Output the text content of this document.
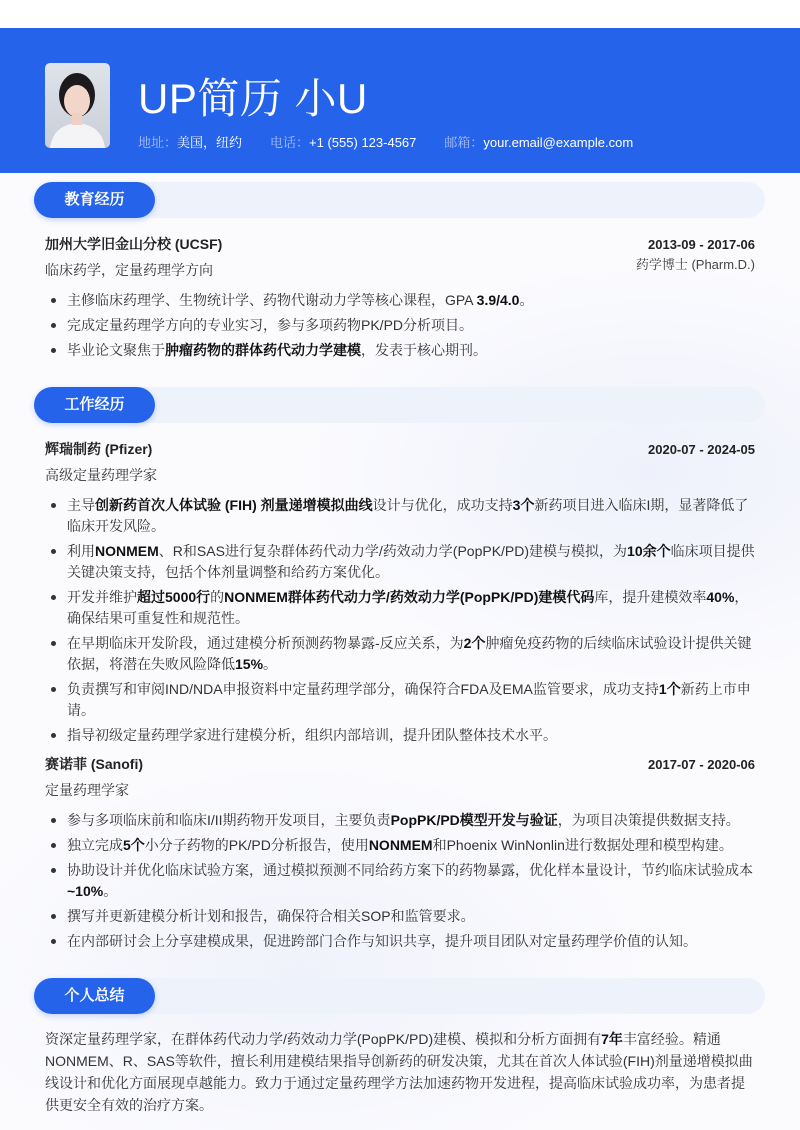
UP简历 小U
地址：美国，纽约 电话：+1 (555) 123-4567 邮箱：your.email@example.com
教育经历
加州大学旧金山分校 (UCSF)	2013-09 - 2017-06
临床药学，定量药理学方向	药学博士 (Pharm.D.)
主修临床药理学、生物统计学、药物代谢动力学等核心课程，GPA 3.9/4.0。
完成定量药理学方向的专业实习，参与多项药物PK/PD分析项目。
毕业论文聚焦于肿瘤药物的群体药代动力学建模，发表于核心期刊。
工作经历
辉瑞制药 (Pfizer)	2020-07 - 2024-05
高级定量药理学家
主导创新药首次人体试验 (FIH) 剂量递增模拟曲线设计与优化，成功支持3个新药项目进入临床I期，显著降低了临床开发风险。
利用NONMEM、R和SAS进行复杂群体药代动力学/药效动力学(PopPK/PD)建模与模拟，为10余个临床项目提供关键决策支持，包括个体剂量调整和给药方案优化。
开发并维护超过5000行的NONMEM群体药代动力学/药效动力学(PopPK/PD)建模代码库，提升建模效率40%，确保结果可重复性和规范性。
在早期临床开发阶段，通过建模分析预测药物暴露-反应关系，为2个肿瘤免疫药物的后续临床试验设计提供关键依据，将潜在失败风险降低15%。
负责撰写和审阅IND/NDA申报资料中定量药理学部分，确保符合FDA及EMA监管要求，成功支持1个新药上市申请。
指导初级定量药理学家进行建模分析，组织内部培训，提升团队整体技术水平。
赛诺菲 (Sanofi)	2017-07 - 2020-06
定量药理学家
参与多项临床前和临床I/II期药物开发项目，主要负责PopPK/PD模型开发与验证，为项目决策提供数据支持。
独立完成5个小分子药物的PK/PD分析报告，使用NONMEM和Phoenix WinNonlin进行数据处理和模型构建。
协助设计并优化临床试验方案，通过模拟预测不同给药方案下的药物暴露，优化样本量设计，节约临床试验成本~10%。
撰写并更新建模分析计划和报告，确保符合相关SOP和监管要求。
在内部研讨会上分享建模成果，促进跨部门合作与知识共享，提升项目团队对定量药理学价值的认知。
个人总结
资深定量药理学家，在群体药代动力学/药效动力学(PopPK/PD)建模、模拟和分析方面拥有7年丰富经验。精通NONMEM、R、SAS等软件，擅长利用建模结果指导创新药的研发决策，尤其在首次人体试验(FIH)剂量递增模拟曲线设计和优化方面展现卓越能力。致力于通过定量药理学方法加速药物开发进程，提高临床试验成功率，为患者提供更安全有效的治疗方案。
